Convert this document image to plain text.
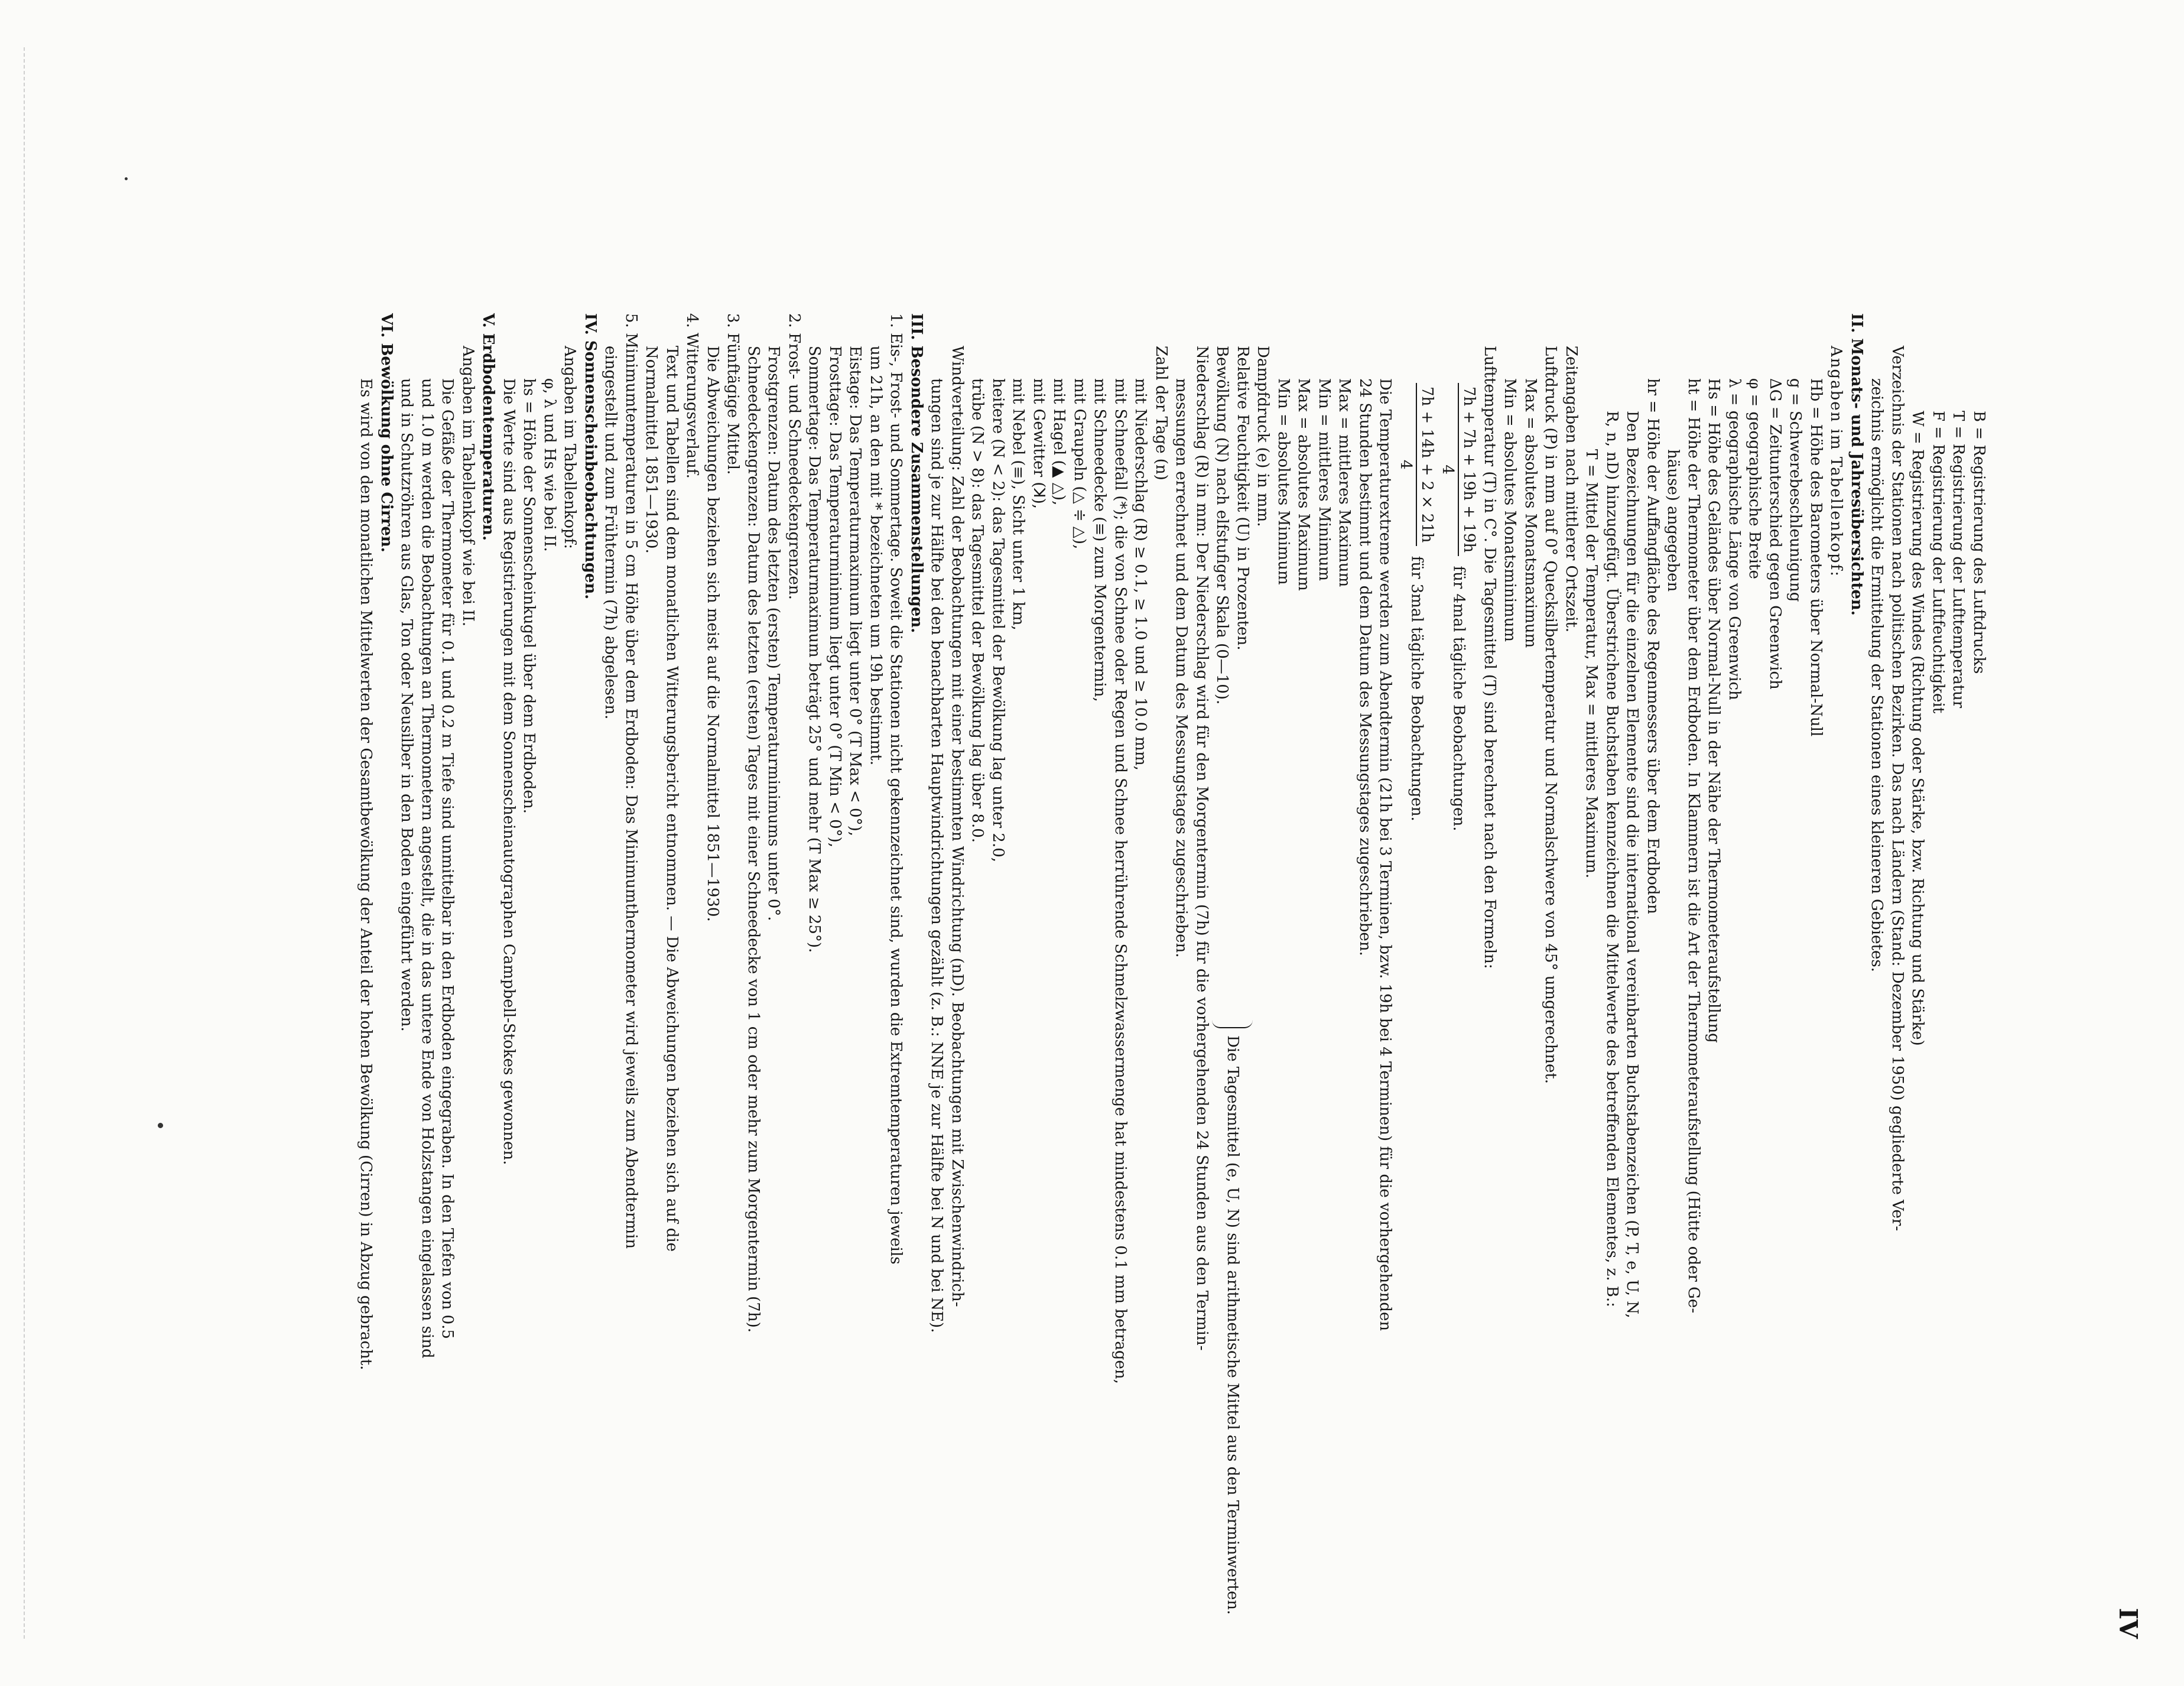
IV
B = Registrierung des Luftdrucks
T = Registrierung der Lufttemperatur
F = Registrierung der Luftfeuchtigkeit
W = Registrierung des Windes (Richtung oder Stärke, bzw. Richtung und Stärke)
Verzeichnis der Stationen nach politischen Bezirken. Das nach Ländern (Stand: Dezember 1950) gegliederte Ver-
zeichnis ermöglicht die Ermittelung der Stationen eines kleineren Gebietes.
II. Monats- und Jahresübersichten.
Angaben im Tabellenkopf:
Hb = Höhe des Barometers über Normal-Null
g = Schwerebeschleunigung
ΔG = Zeitunterschied gegen Greenwich
φ = geographische Breite
λ = geographische Länge von Greenwich
Hs = Höhe des Geländes über Normal-Null in der Nähe der Thermometeraufstellung
ht = Höhe der Thermometer über dem Erdboden. In Klammern ist die Art der Thermometeraufstellung (Hütte oder Ge-
häuse) angegeben
hr = Höhe der Auffangfläche des Regenmessers über dem Erdboden
Den Bezeichnungen für die einzelnen Elemente sind die international vereinbarten Buchstabenzeichen (P, T, e, U, N,
R, n, nD) hinzugefügt. Überstrichene Buchstaben kennzeichnen die Mittelwerte des betreffenden Elementes, z. B.:
T = Mittel der Temperatur, Max = mittleres Maximum.
Zeitangaben nach mittlerer Ortszeit.
Luftdruck (P) in mm auf 0° Quecksilbertemperatur und Normalschwere von 45° umgerechnet.
Max = absolutes Monatsmaximum
Min = absolutes Monatsminimum
Lufttemperatur (T) in C°. Die Tagesmittel (T) sind berechnet nach den Formeln:
7h + 7h + 19h + 19h
4
für 4mal tägliche Beobachtungen.
7h + 14h + 2 × 21h
4
für 3mal tägliche Beobachtungen.
Die Temperaturextreme werden zum Abendtermin (21h bei 3 Terminen, bzw. 19h bei 4 Terminen) für die vorhergehenden
24 Stunden bestimmt und dem Datum des Messungstages zugeschrieben.
Max = mittleres Maximum
Min = mittleres Minimum
Max = absolutes Maximum
Min = absolutes Minimum
Dampfdruck (e) in mm.
Relative Feuchtigkeit (U) in Prozenten.
Bewölkung (N) nach elfstufiger Skala (0—10).
Die Tagesmittel (e, U, N) sind arithmetische Mittel aus den Terminwerten.
Niederschlag (R) in mm: Der Niederschlag wird für den Morgentermin (7h) für die vorhergehenden 24 Stunden aus den Termin-
messungen errechnet und dem Datum des Messungstages zugeschrieben.
Zahl der Tage (n)
mit Niederschlag (R) ≥ 0.1, ≥ 1.0 und ≥ 10.0 mm,
mit Schneefall (*); die von Schnee oder Regen und Schnee herrührende Schmelzwassermenge hat mindestens 0.1 mm betragen,
mit Schneedecke (≡) zum Morgentermin,
mit Graupeln (△ ≑ △),
mit Hagel (▲ △),
mit Gewitter (ꓘ),
mit Nebel (≡), Sicht unter 1 km,
heitere (N < 2): das Tagesmittel der Bewölkung lag unter 2.0,
trübe (N > 8): das Tagesmittel der Bewölkung lag über 8.0.
Windverteilung: Zahl der Beobachtungen mit einer bestimmten Windrichtung (nD). Beobachtungen mit Zwischenwindrich-
tungen sind je zur Hälfte bei den benachbarten Hauptwindrichtungen gezählt (z. B.: NNE je zur Hälfte bei N und bei NE).
III. Besondere Zusammenstellungen.
1. Eis-, Frost- und Sommertage. Soweit die Stationen nicht gekennzeichnet sind, wurden die Extremtemperaturen jeweils
um 21h, an den mit * bezeichneten um 19h bestimmt.
Eistage: Das Temperaturmaximum liegt unter 0° (T Max < 0°),
Frosttage: Das Temperaturminimum liegt unter 0° (T Min < 0°),
Sommertage: Das Temperaturmaximum beträgt 25° und mehr (T Max ≥ 25°).
2. Frost- und Schneedeckengrenzen.
Frostgrenzen: Datum des letzten (ersten) Temperaturminimums unter 0°.
Schneedeckengrenzen: Datum des letzten (ersten) Tages mit einer Schneedecke von 1 cm oder mehr zum Morgentermin (7h).
3. Fünftägige Mittel.
Die Abweichungen beziehen sich meist auf die Normalmittel 1851—1930.
4. Witterungsverlauf.
Text und Tabellen sind dem monatlichen Witterungsbericht entnommen. — Die Abweichungen beziehen sich auf die
Normalmittel 1851—1930.
5. Minimumtemperaturen in 5 cm Höhe über dem Erdboden: Das Minimumthermometer wird jeweils zum Abendtermin
eingestellt und zum Frühtermin (7h) abgelesen.
IV. Sonnenscheinbeobachtungen.
Angaben im Tabellenkopf:
φ, λ und Hs wie bei II.
hs = Höhe der Sonnenscheinkugel über dem Erdboden.
Die Werte sind aus Registrierungen mit dem Sonnenscheinautographen Campbell-Stokes gewonnen.
V. Erdbodentemperaturen.
Angaben im Tabellenkopf wie bei II.
Die Gefäße der Thermometer für 0.1 und 0.2 m Tiefe sind unmittelbar in den Erdboden eingegraben. In den Tiefen von 0.5
und 1.0 m werden die Beobachtungen an Thermometern angestellt, die in das untere Ende von Holzstangen eingelassen sind
und in Schutzröhren aus Glas, Ton oder Neusilber in den Boden eingeführt werden.
VI. Bewölkung ohne Cirren.
Es wird von den monatlichen Mittelwerten der Gesamtbewölkung der Anteil der hohen Bewölkung (Cirren) in Abzug gebracht.
